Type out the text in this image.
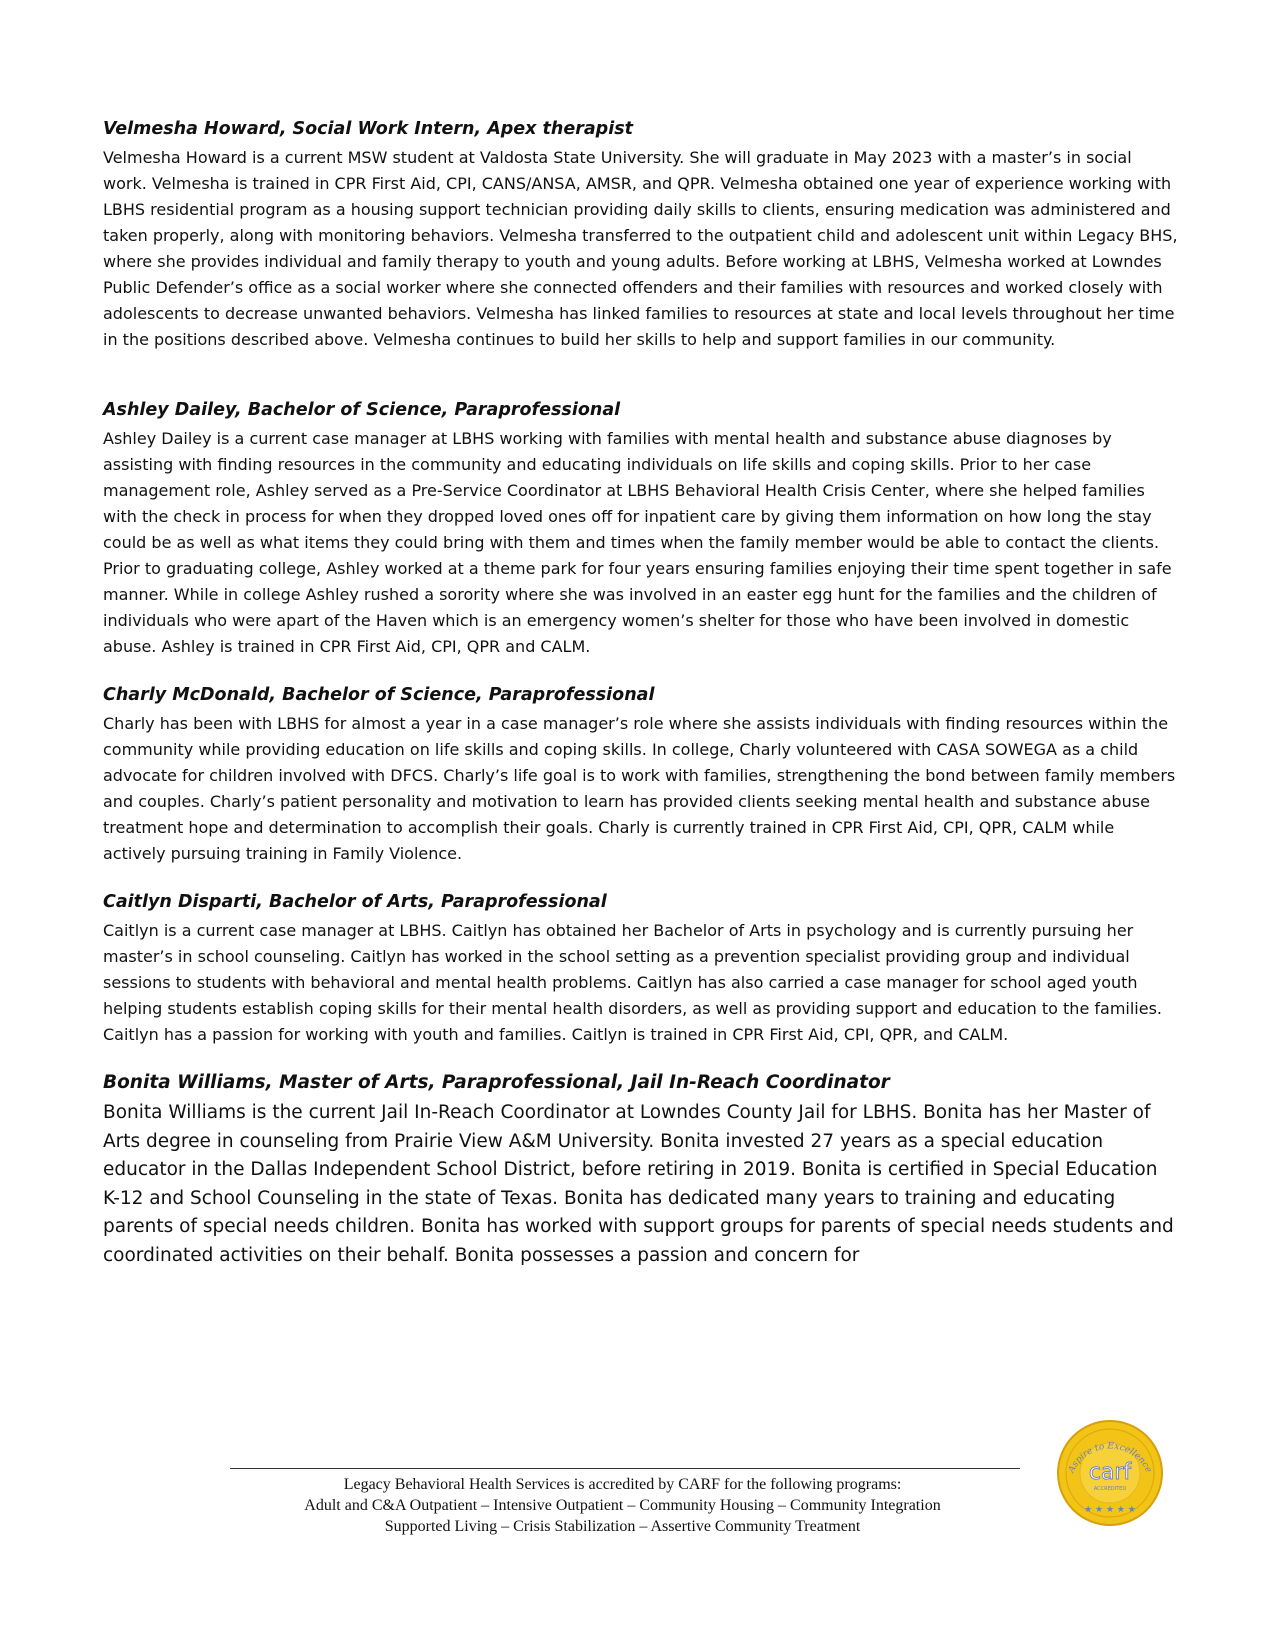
Velmesha Howard, Social Work Intern, Apex therapist

Velmesha Howard is a current MSW student at Valdosta State University. She will graduate in May 2023 with a master’s in social work. Velmesha is trained in CPR First Aid, CPI, CANS/ANSA, AMSR, and QPR. Velmesha obtained one year of experience working with LBHS residential program as a housing support technician providing daily skills to clients, ensuring medication was administered and taken properly, along with monitoring behaviors. Velmesha transferred to the outpatient child and adolescent unit within Legacy BHS, where she provides individual and family therapy to youth and young adults. Before working at LBHS, Velmesha worked at Lowndes Public Defender’s office as a social worker where she connected offenders and their families with resources and worked closely with adolescents to decrease unwanted behaviors. Velmesha has linked families to resources at state and local levels throughout her time in the positions described above. Velmesha continues to build her skills to help and support families in our community.

Ashley Dailey, Bachelor of Science, Paraprofessional

Ashley Dailey is a current case manager at LBHS working with families with mental health and substance abuse diagnoses by assisting with finding resources in the community and educating individuals on life skills and coping skills. Prior to her case management role, Ashley served as a Pre-Service Coordinator at LBHS Behavioral Health Crisis Center, where she helped families with the check in process for when they dropped loved ones off for inpatient care by giving them information on how long the stay could be as well as what items they could bring with them and times when the family member would be able to contact the clients. Prior to graduating college, Ashley worked at a theme park for four years ensuring families enjoying their time spent together in safe manner. While in college Ashley rushed a sorority where she was involved in an easter egg hunt for the families and the children of individuals who were apart of the Haven which is an emergency women’s shelter for those who have been involved in domestic abuse. Ashley is trained in CPR First Aid, CPI, QPR and CALM.

Charly McDonald, Bachelor of Science, Paraprofessional

Charly has been with LBHS for almost a year in a case manager’s role where she assists individuals with finding resources within the community while providing education on life skills and coping skills. In college, Charly volunteered with CASA SOWEGA as a child advocate for children involved with DFCS. Charly’s life goal is to work with families, strengthening the bond between family members and couples. Charly’s patient personality and motivation to learn has provided clients seeking mental health and substance abuse treatment hope and determination to accomplish their goals. Charly is currently trained in CPR First Aid, CPI, QPR, CALM while actively pursuing training in Family Violence.

Caitlyn Disparti, Bachelor of Arts, Paraprofessional

Caitlyn is a current case manager at LBHS. Caitlyn has obtained her Bachelor of Arts in psychology and is currently pursuing her master’s in school counseling. Caitlyn has worked in the school setting as a prevention specialist providing group and individual sessions to students with behavioral and mental health problems. Caitlyn has also carried a case manager for school aged youth helping students establish coping skills for their mental health disorders, as well as providing support and education to the families. Caitlyn has a passion for working with youth and families. Caitlyn is trained in CPR First Aid, CPI, QPR, and CALM.

Bonita Williams, Master of Arts, Paraprofessional, Jail In-Reach Coordinator

Bonita Williams is the current Jail In-Reach Coordinator at Lowndes County Jail for LBHS. Bonita has her Master of Arts degree in counseling from Prairie View A&M University. Bonita invested 27 years as a special education educator in the Dallas Independent School District, before retiring in 2019. Bonita is certified in Special Education K-12 and School Counseling in the state of Texas. Bonita has dedicated many years to training and educating parents of special needs children. Bonita has worked with support groups for parents of special needs students and coordinated activities on their behalf. Bonita possesses a passion and concern for

Legacy Behavioral Health Services is accredited by CARF for the following programs:
Adult and C&A Outpatient – Intensive Outpatient – Community Housing – Community Integration
Supported Living – Crisis Stabilization – Assertive Community Treatment
Aspire to Excellence
carf
ACCREDITED
★ ★ ★ ★ ★
